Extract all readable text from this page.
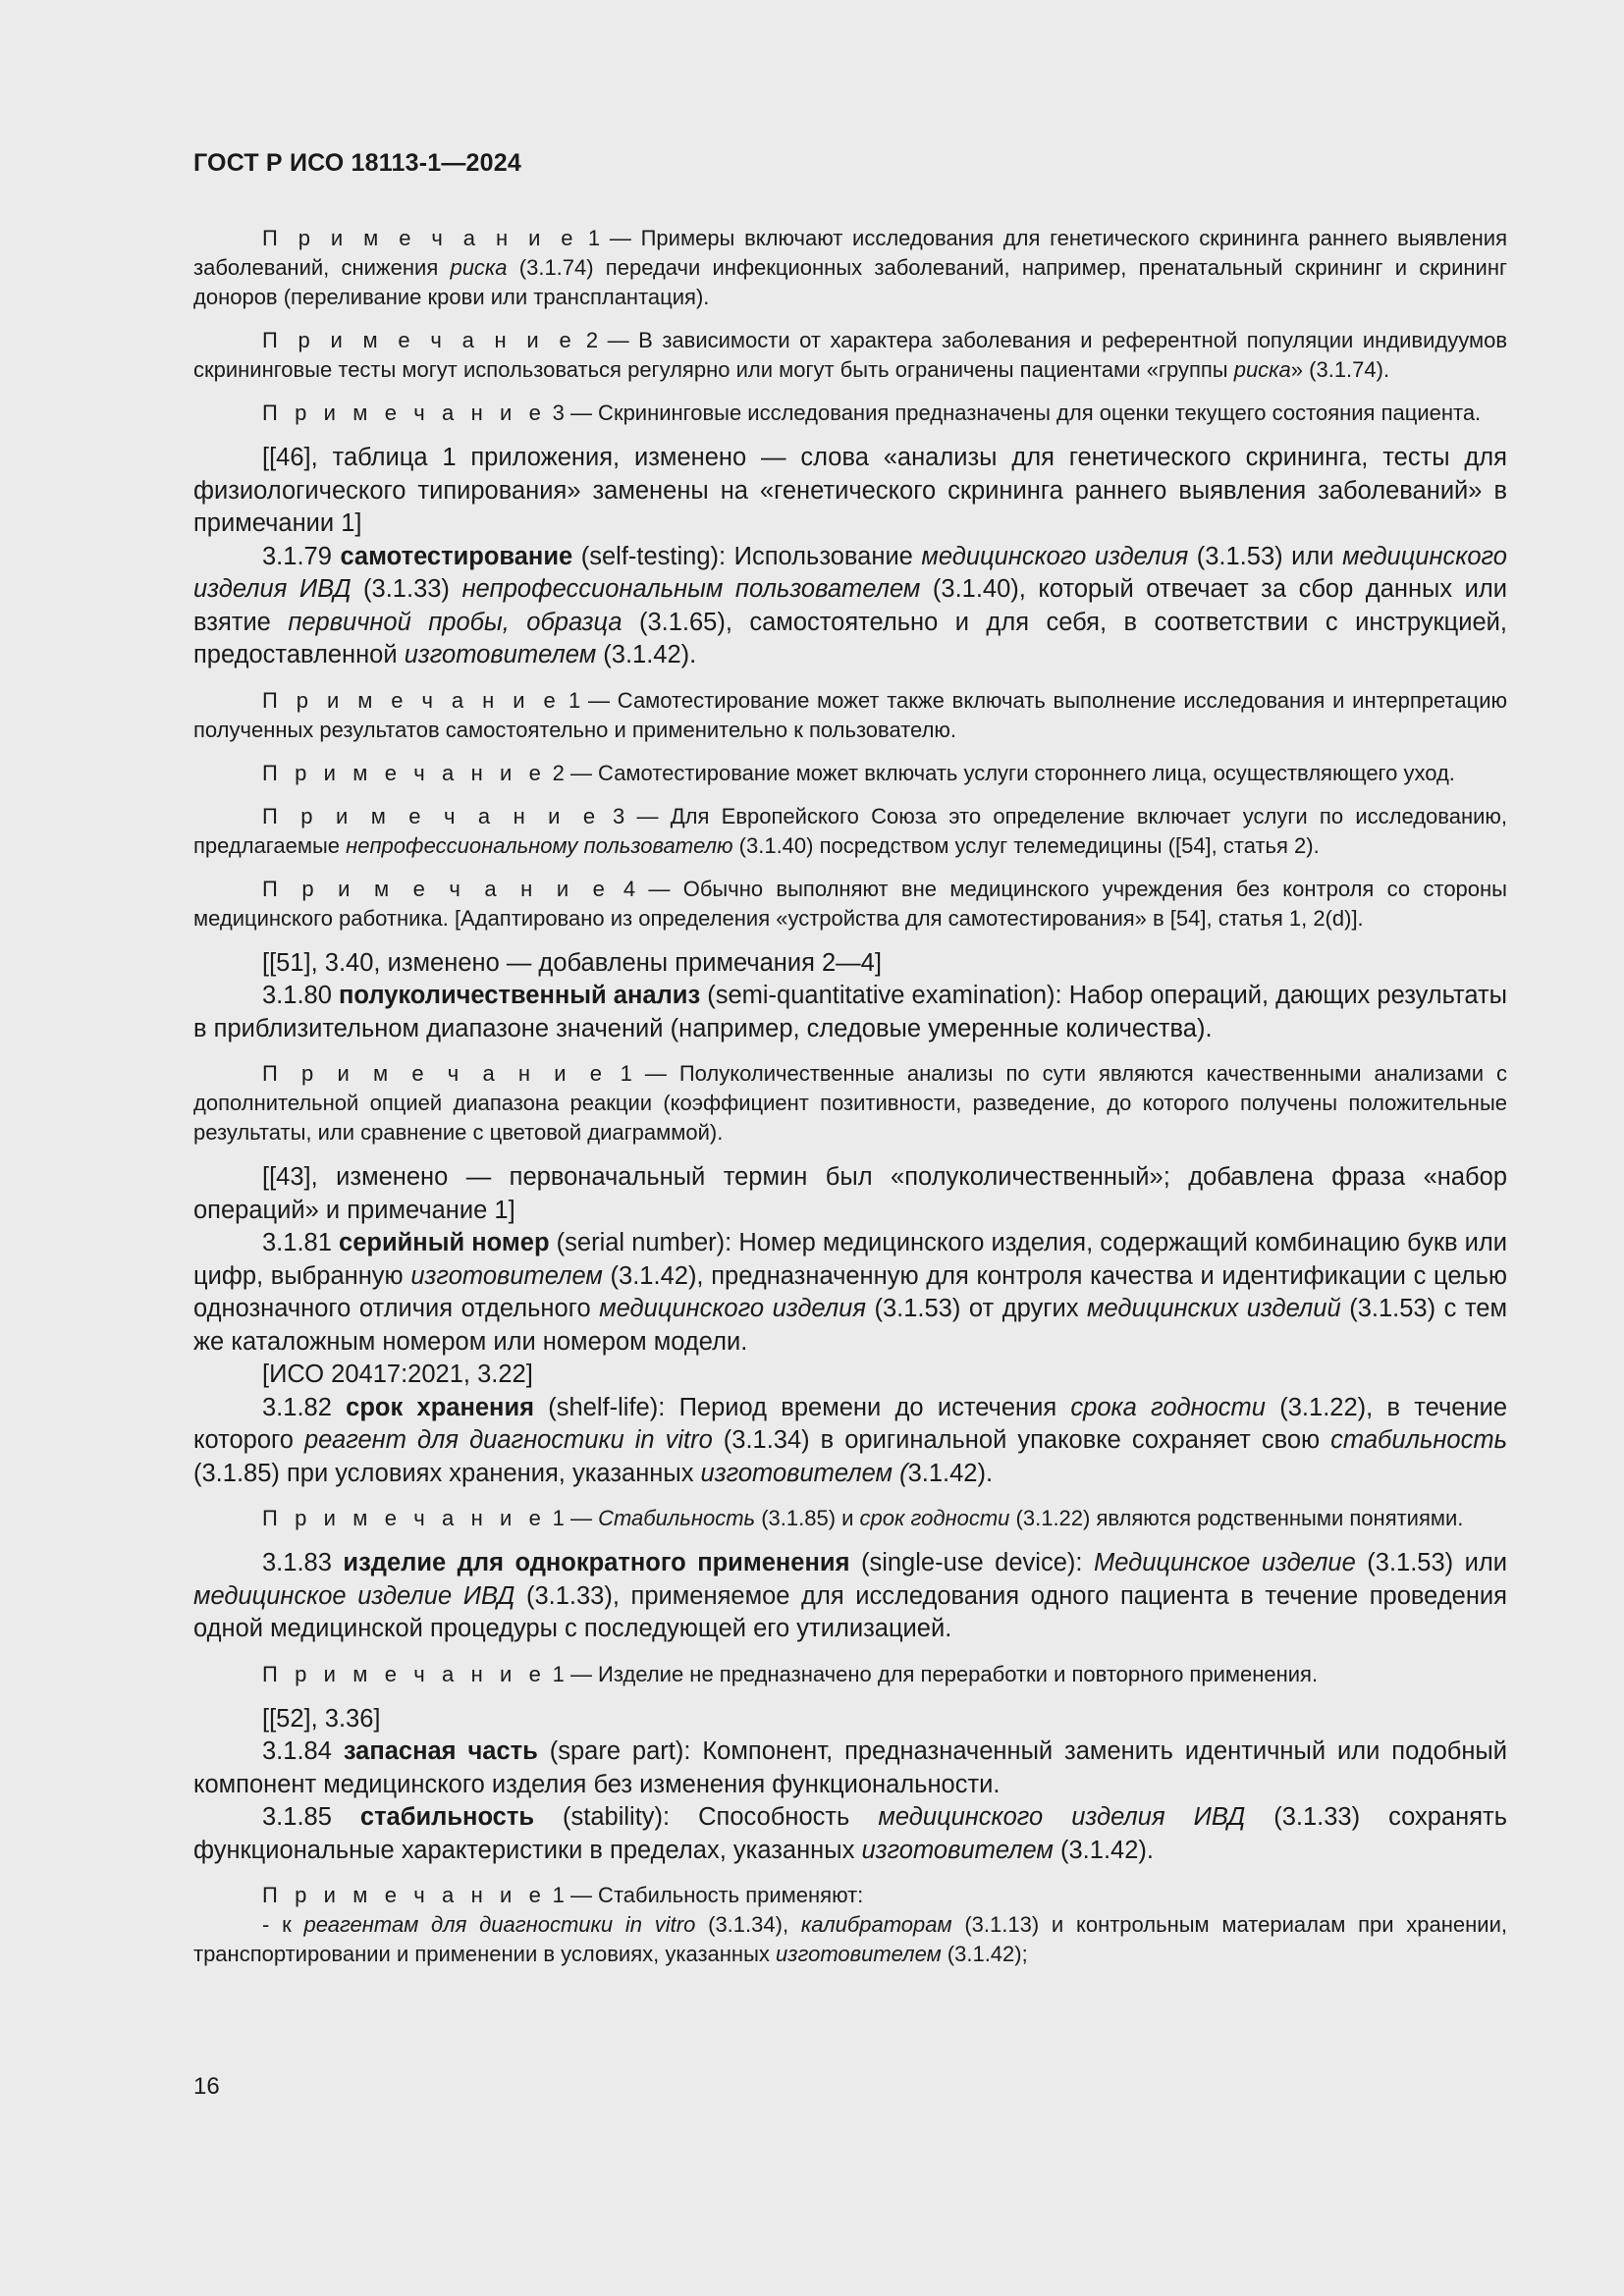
ГОСТ Р ИСО 18113-1—2024

П р и м е ч а н и е 1 — Примеры включают исследования для генетического скрининга раннего выявления заболеваний, снижения риска (3.1.74) передачи инфекционных заболеваний, например, пренатальный скрининг и скрининг доноров (переливание крови или трансплантация).

П р и м е ч а н и е 2 — В зависимости от характера заболевания и референтной популяции индивидуумов скрининговые тесты могут использоваться регулярно или могут быть ограничены пациентами «группы риска» (3.1.74).

П р и м е ч а н и е 3 — Скрининговые исследования предназначены для оценки текущего состояния пациента.

[[46], таблица 1 приложения, изменено — слова «анализы для генетического скрининга, тесты для физиологического типирования» заменены на «генетического скрининга раннего выявления заболеваний» в примечании 1]

3.1.79 самотестирование (self-testing): Использование медицинского изделия (3.1.53) или медицинского изделия ИВД (3.1.33) непрофессиональным пользователем (3.1.40), который отвечает за сбор данных или взятие первичной пробы, образца (3.1.65), самостоятельно и для себя, в соответствии с инструкцией, предоставленной изготовителем (3.1.42).

П р и м е ч а н и е 1 — Самотестирование может также включать выполнение исследования и интерпретацию полученных результатов самостоятельно и применительно к пользователю.

П р и м е ч а н и е 2 — Самотестирование может включать услуги стороннего лица, осуществляющего уход.

П р и м е ч а н и е 3 — Для Европейского Союза это определение включает услуги по исследованию, предлагаемые непрофессиональному пользователю (3.1.40) посредством услуг телемедицины ([54], статья 2).

П р и м е ч а н и е 4 — Обычно выполняют вне медицинского учреждения без контроля со стороны медицинского работника. [Адаптировано из определения «устройства для самотестирования» в [54], статья 1, 2(d)].

[[51], 3.40, изменено — добавлены примечания 2—4]

3.1.80 полуколичественный анализ (semi-quantitative examination): Набор операций, дающих результаты в приблизительном диапазоне значений (например, следовые умеренные количества).

П р и м е ч а н и е 1 — Полуколичественные анализы по сути являются качественными анализами с дополнительной опцией диапазона реакции (коэффициент позитивности, разведение, до которого получены положительные результаты, или сравнение с цветовой диаграммой).

[[43], изменено — первоначальный термин был «полуколичественный»; добавлена фраза «набор операций» и примечание 1]

3.1.81 серийный номер (serial number): Номер медицинского изделия, содержащий комбинацию букв или цифр, выбранную изготовителем (3.1.42), предназначенную для контроля качества и идентификации с целью однозначного отличия отдельного медицинского изделия (3.1.53) от других медицинских изделий (3.1.53) с тем же каталожным номером или номером модели.

[ИСО 20417:2021, 3.22]

3.1.82 срок хранения (shelf-life): Период времени до истечения срока годности (3.1.22), в течение которого реагент для диагностики in vitro (3.1.34) в оригинальной упаковке сохраняет свою стабильность (3.1.85) при условиях хранения, указанных изготовителем (3.1.42).

П р и м е ч а н и е 1 — Стабильность (3.1.85) и срок годности (3.1.22) являются родственными понятиями.

3.1.83 изделие для однократного применения (single-use device): Медицинское изделие (3.1.53) или медицинское изделие ИВД (3.1.33), применяемое для исследования одного пациента в течение проведения одной медицинской процедуры с последующей его утилизацией.

П р и м е ч а н и е 1 — Изделие не предназначено для переработки и повторного применения.

[[52], 3.36]

3.1.84 запасная часть (spare part): Компонент, предназначенный заменить идентичный или подобный компонент медицинского изделия без изменения функциональности.

3.1.85 стабильность (stability): Способность медицинского изделия ИВД (3.1.33) сохранять функциональные характеристики в пределах, указанных изготовителем (3.1.42).

П р и м е ч а н и е 1 — Стабильность применяют:

- к реагентам для диагностики in vitro (3.1.34), калибраторам (3.1.13) и контрольным материалам при хранении, транспортировании и применении в условиях, указанных изготовителем (3.1.42);

16
